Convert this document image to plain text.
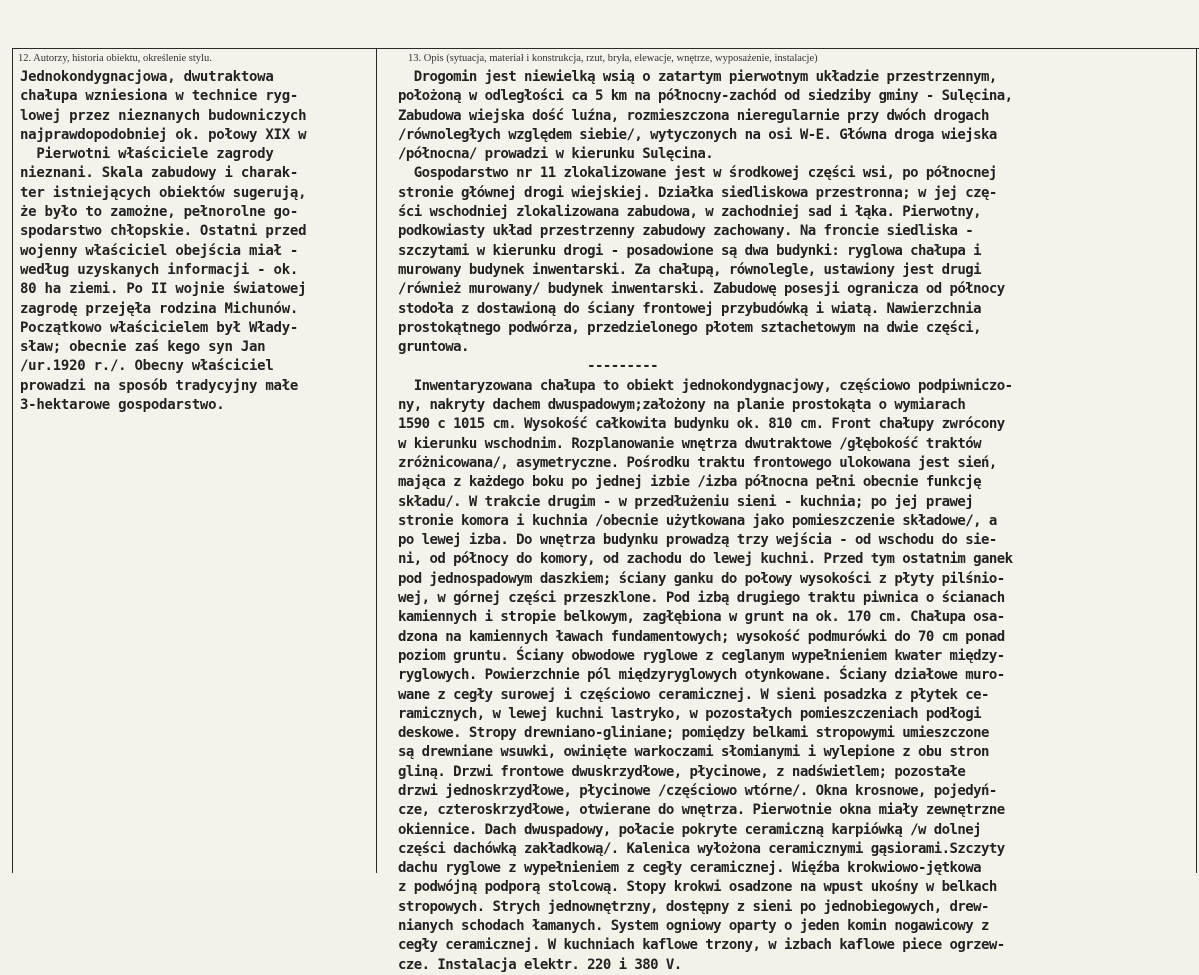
12. Autorzy, historia obiektu, określenie stylu.	13. Opis (sytuacja, materiał i konstrukcja, rzut, bryła, elewacje, wnętrze, wyposażenie, instalacje)
Jednokondygnacjowa, dwutraktowa
chałupa wzniesiona w technice ryg-
lowej przez nieznanych budowniczych
najprawdopodobniej ok. połowy XIX w
Pierwotni właściciele zagrody
nieznani. Skala zabudowy i charak-
ter istniejących obiektów sugerują,
że było to zamożne, pełnorolne go-
spodarstwo chłopskie. Ostatni przed
wojenny właściciel obejścia miał -
według uzyskanych informacji - ok.
80 ha ziemi. Po II wojnie światowej
zagrodę przejęła rodzina Michunów.
Początkowo właścicielem był Włady-
sław; obecnie zaś kego syn Jan
/ur.1920 r./. Obecny właściciel
prowadzi na sposób tradycyjny małe
3-hektarowe gospodarstwo.
Drogomin jest niewielką wsią o zatartym pierwotnym układzie przestrzennym,
położoną w odległości ca 5 km na północny-zachód od siedziby gminy - Sulęcina,
Zabudowa wiejska dość luźna, rozmieszczona nieregularnie przy dwóch drogach
/równoległych względem siebie/, wytyczonych na osi W-E. Główna droga wiejska
/północna/ prowadzi w kierunku Sulęcina.
Gospodarstwo nr 11 zlokalizowane jest w środkowej części wsi, po północnej
stronie głównej drogi wiejskiej. Działka siedliskowa przestronna; w jej czę-
ści wschodniej zlokalizowana zabudowa, w zachodniej sad i łąka. Pierwotny,
podkowiasty układ przestrzenny zabudowy zachowany. Na froncie siedliska -
szczytami w kierunku drogi - posadowione są dwa budynki: ryglowa chałupa i
murowany budynek inwentarski. Za chałupą, równolegle, ustawiony jest drugi
/również murowany/ budynek inwentarski. Zabudowę posesji ogranicza od północy
stodoła z dostawioną do ściany frontowej przybudówką i wiatą. Nawierzchnia
prostokątnego podwórza, przedzielonego płotem sztachetowym na dwie części,
gruntowa.
---------
Inwentaryzowana chałupa to obiekt jednokondygnacjowy, częściowo podpiwniczo-
ny, nakryty dachem dwuspadowym;założony na planie prostokąta o wymiarach
1590 c 1015 cm. Wysokość całkowita budynku ok. 810 cm. Front chałupy zwrócony
w kierunku wschodnim. Rozplanowanie wnętrza dwutraktowe /głębokość traktów
zróżnicowana/, asymetryczne. Pośrodku traktu frontowego ulokowana jest sień,
mająca z każdego boku po jednej izbie /izba północna pełni obecnie funkcję
składu/. W trakcie drugim - w przedłużeniu sieni - kuchnia; po jej prawej
stronie komora i kuchnia /obecnie użytkowana jako pomieszczenie składowe/, a
po lewej izba. Do wnętrza budynku prowadzą trzy wejścia - od wschodu do sie-
ni, od północy do komory, od zachodu do lewej kuchni. Przed tym ostatnim ganek
pod jednospadowym daszkiem; ściany ganku do połowy wysokości z płyty pilśnio-
wej, w górnej części przeszklone. Pod izbą drugiego traktu piwnica o ścianach
kamiennych i stropie belkowym, zagłębiona w grunt na ok. 170 cm. Chałupa osa-
dzona na kamiennych ławach fundamentowych; wysokość podmurówki do 70 cm ponad
poziom gruntu. Ściany obwodowe ryglowe z ceglanym wypełnieniem kwater między-
ryglowych. Powierzchnie pól międzyryglowych otynkowane. Ściany działowe muro-
wane z cegły surowej i częściowo ceramicznej. W sieni posadzka z płytek ce-
ramicznych, w lewej kuchni lastryko, w pozostałych pomieszczeniach podłogi
deskowe. Stropy drewniano-gliniane; pomiędzy belkami stropowymi umieszczone
są drewniane wsuwki, owinięte warkoczami słomianymi i wylepione z obu stron
gliną. Drzwi frontowe dwuskrzydłowe, płycinowe, z nadświetlem; pozostałe
drzwi jednoskrzydłowe, płycinowe /częściowo wtórne/. Okna krosnowe, pojedyń-
cze, czteroskrzydłowe, otwierane do wnętrza. Pierwotnie okna miały zewnętrzne
okiennice. Dach dwuspadowy, połacie pokryte ceramiczną karpiówką /w dolnej
części dachówką zakładkową/. Kalenica wyłożona ceramicznymi gąsiorami.Szczyty
dachu ryglowe z wypełnieniem z cegły ceramicznej. Więźba krokwiowo-jętkowa
z podwójną podporą stolcową. Stopy krokwi osadzone na wpust ukośny w belkach
stropowych. Strych jednownętrzny, dostępny z sieni po jednobiegowych, drew-
nianych schodach łamanych. System ogniowy oparty o jeden komin nogawicowy z
cegły ceramicznej. W kuchniach kaflowe trzony, w izbach kaflowe piece ogrzew-
cze. Instalacja elektr. 220 i 380 V.
